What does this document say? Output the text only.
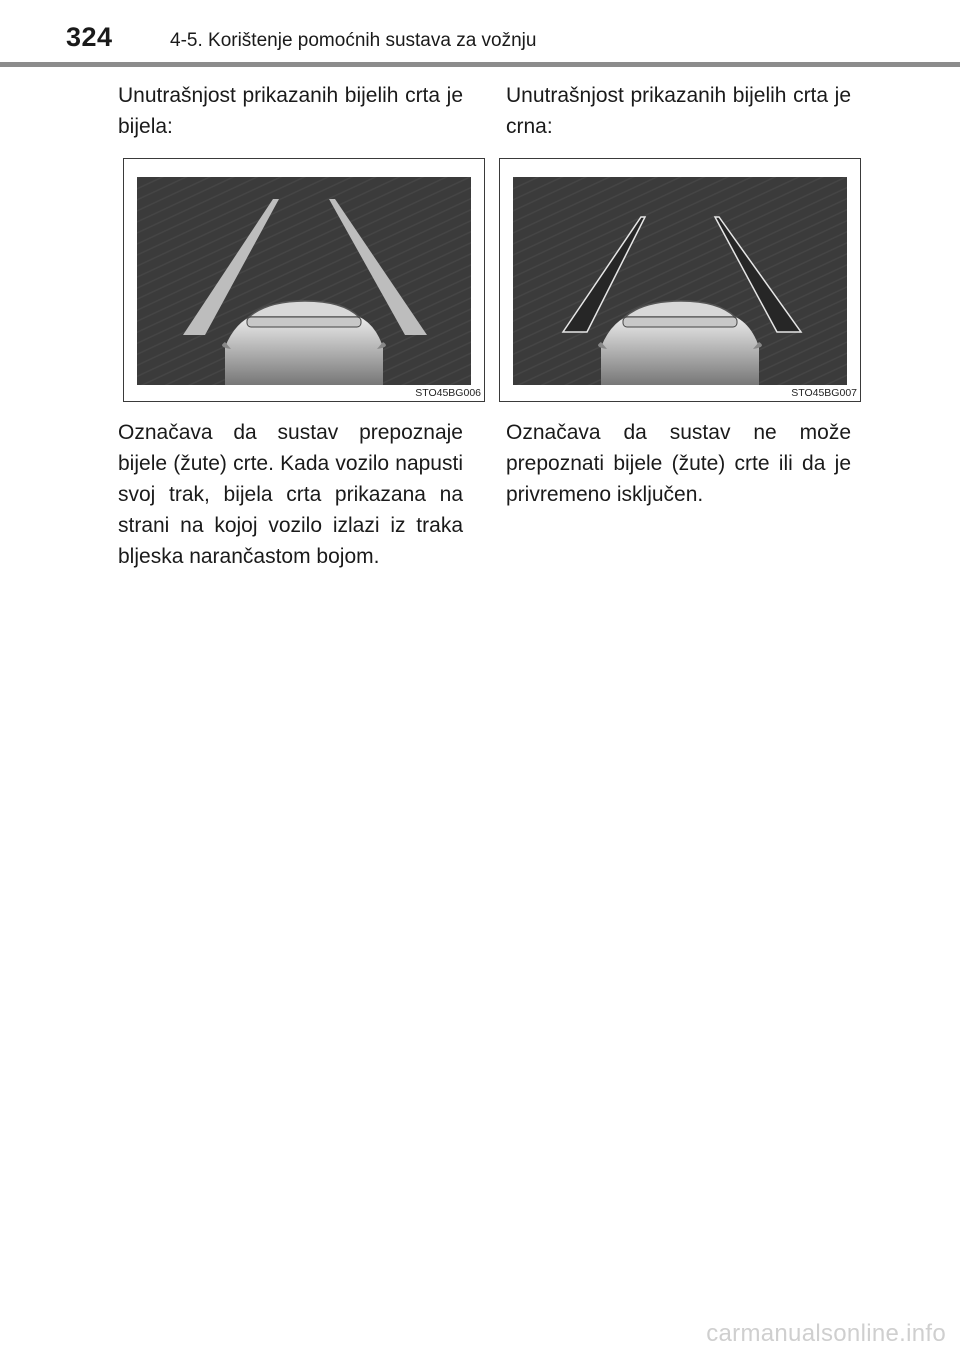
324	4-5. Korištenje pomoćnih sustava za vožnju

Unutrašnjost prikazanih bijelih crta je bijela:

Unutrašnjost prikazanih bijelih crta je crna:

STO45BG006	STO45BG007

Označava da sustav prepoznaje bijele (žute) crte. Kada vozilo napusti svoj trak, bijela crta prikazana na strani na kojoj vozilo izlazi iz traka bljeska narančastom bojom.

Označava da sustav ne može prepoznati bijele (žute) crte ili da je privremeno isključen.

carmanualsonline.info
